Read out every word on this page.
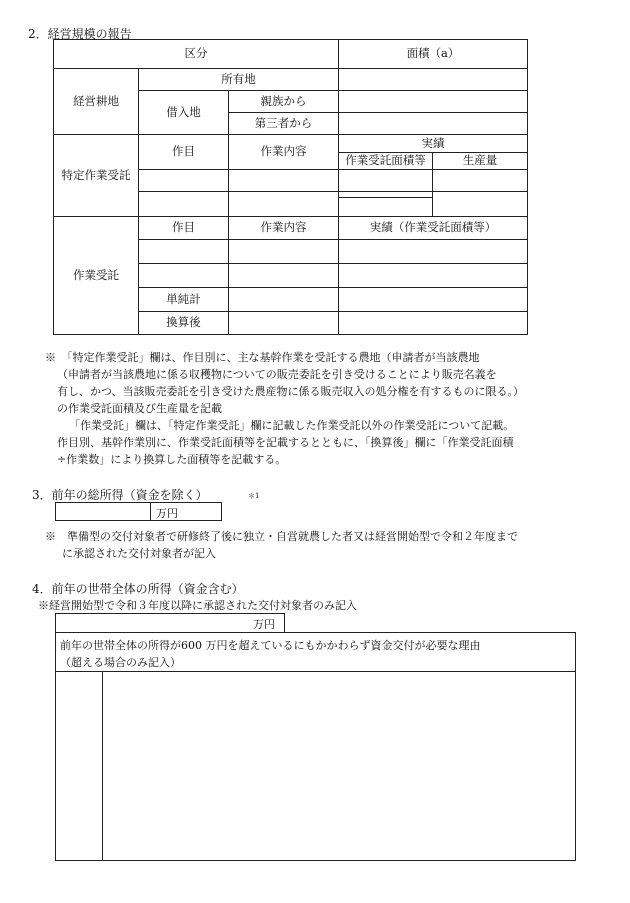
2．経営規模の報告
区分			面積（a）	
経営耕地	所有地			
	借入地	親族から		

		第三者から		
特定作業受託	作目	作業内容	実績	
			作業受託面積等	生産量

作業受託	作目	作業内容	実績（作業受託面積等）	

	単純計			
	換算後			
※　「特定作業受託」欄は、作目別に、主な基幹作業を受託する農地（申請者が当該農地
（申請者が当該農地に係る収穫物についての販売委託を引き受けることにより販売名義を
有し、かつ、当該販売委託を引き受けた農産物に係る販売収入の処分権を有するものに限る。）
の作業受託面積及び生産量を記載
「作業受託」欄は、「特定作業受託」欄に記載した作業受託以外の作業受託について記載。
作目別、基幹作業別に、作業受託面積等を記載するとともに、「換算後」欄に「作業受託面積
÷作業数」により換算した面積等を記載する。
3．前年の総所得（資金を除く）	＊1
万円
※　準備型の交付対象者で研修終了後に独立・自営就農した者又は経営開始型で令和２年度まで
に承認された交付対象者が記入
4．前年の世帯全体の所得（資金含む）
※経営開始型で令和３年度以降に承認された交付対象者のみ記入
万円
前年の世帯全体の所得が600 万円を超えているにもかかわらず資金交付が必要な理由
（超える場合のみ記入）
